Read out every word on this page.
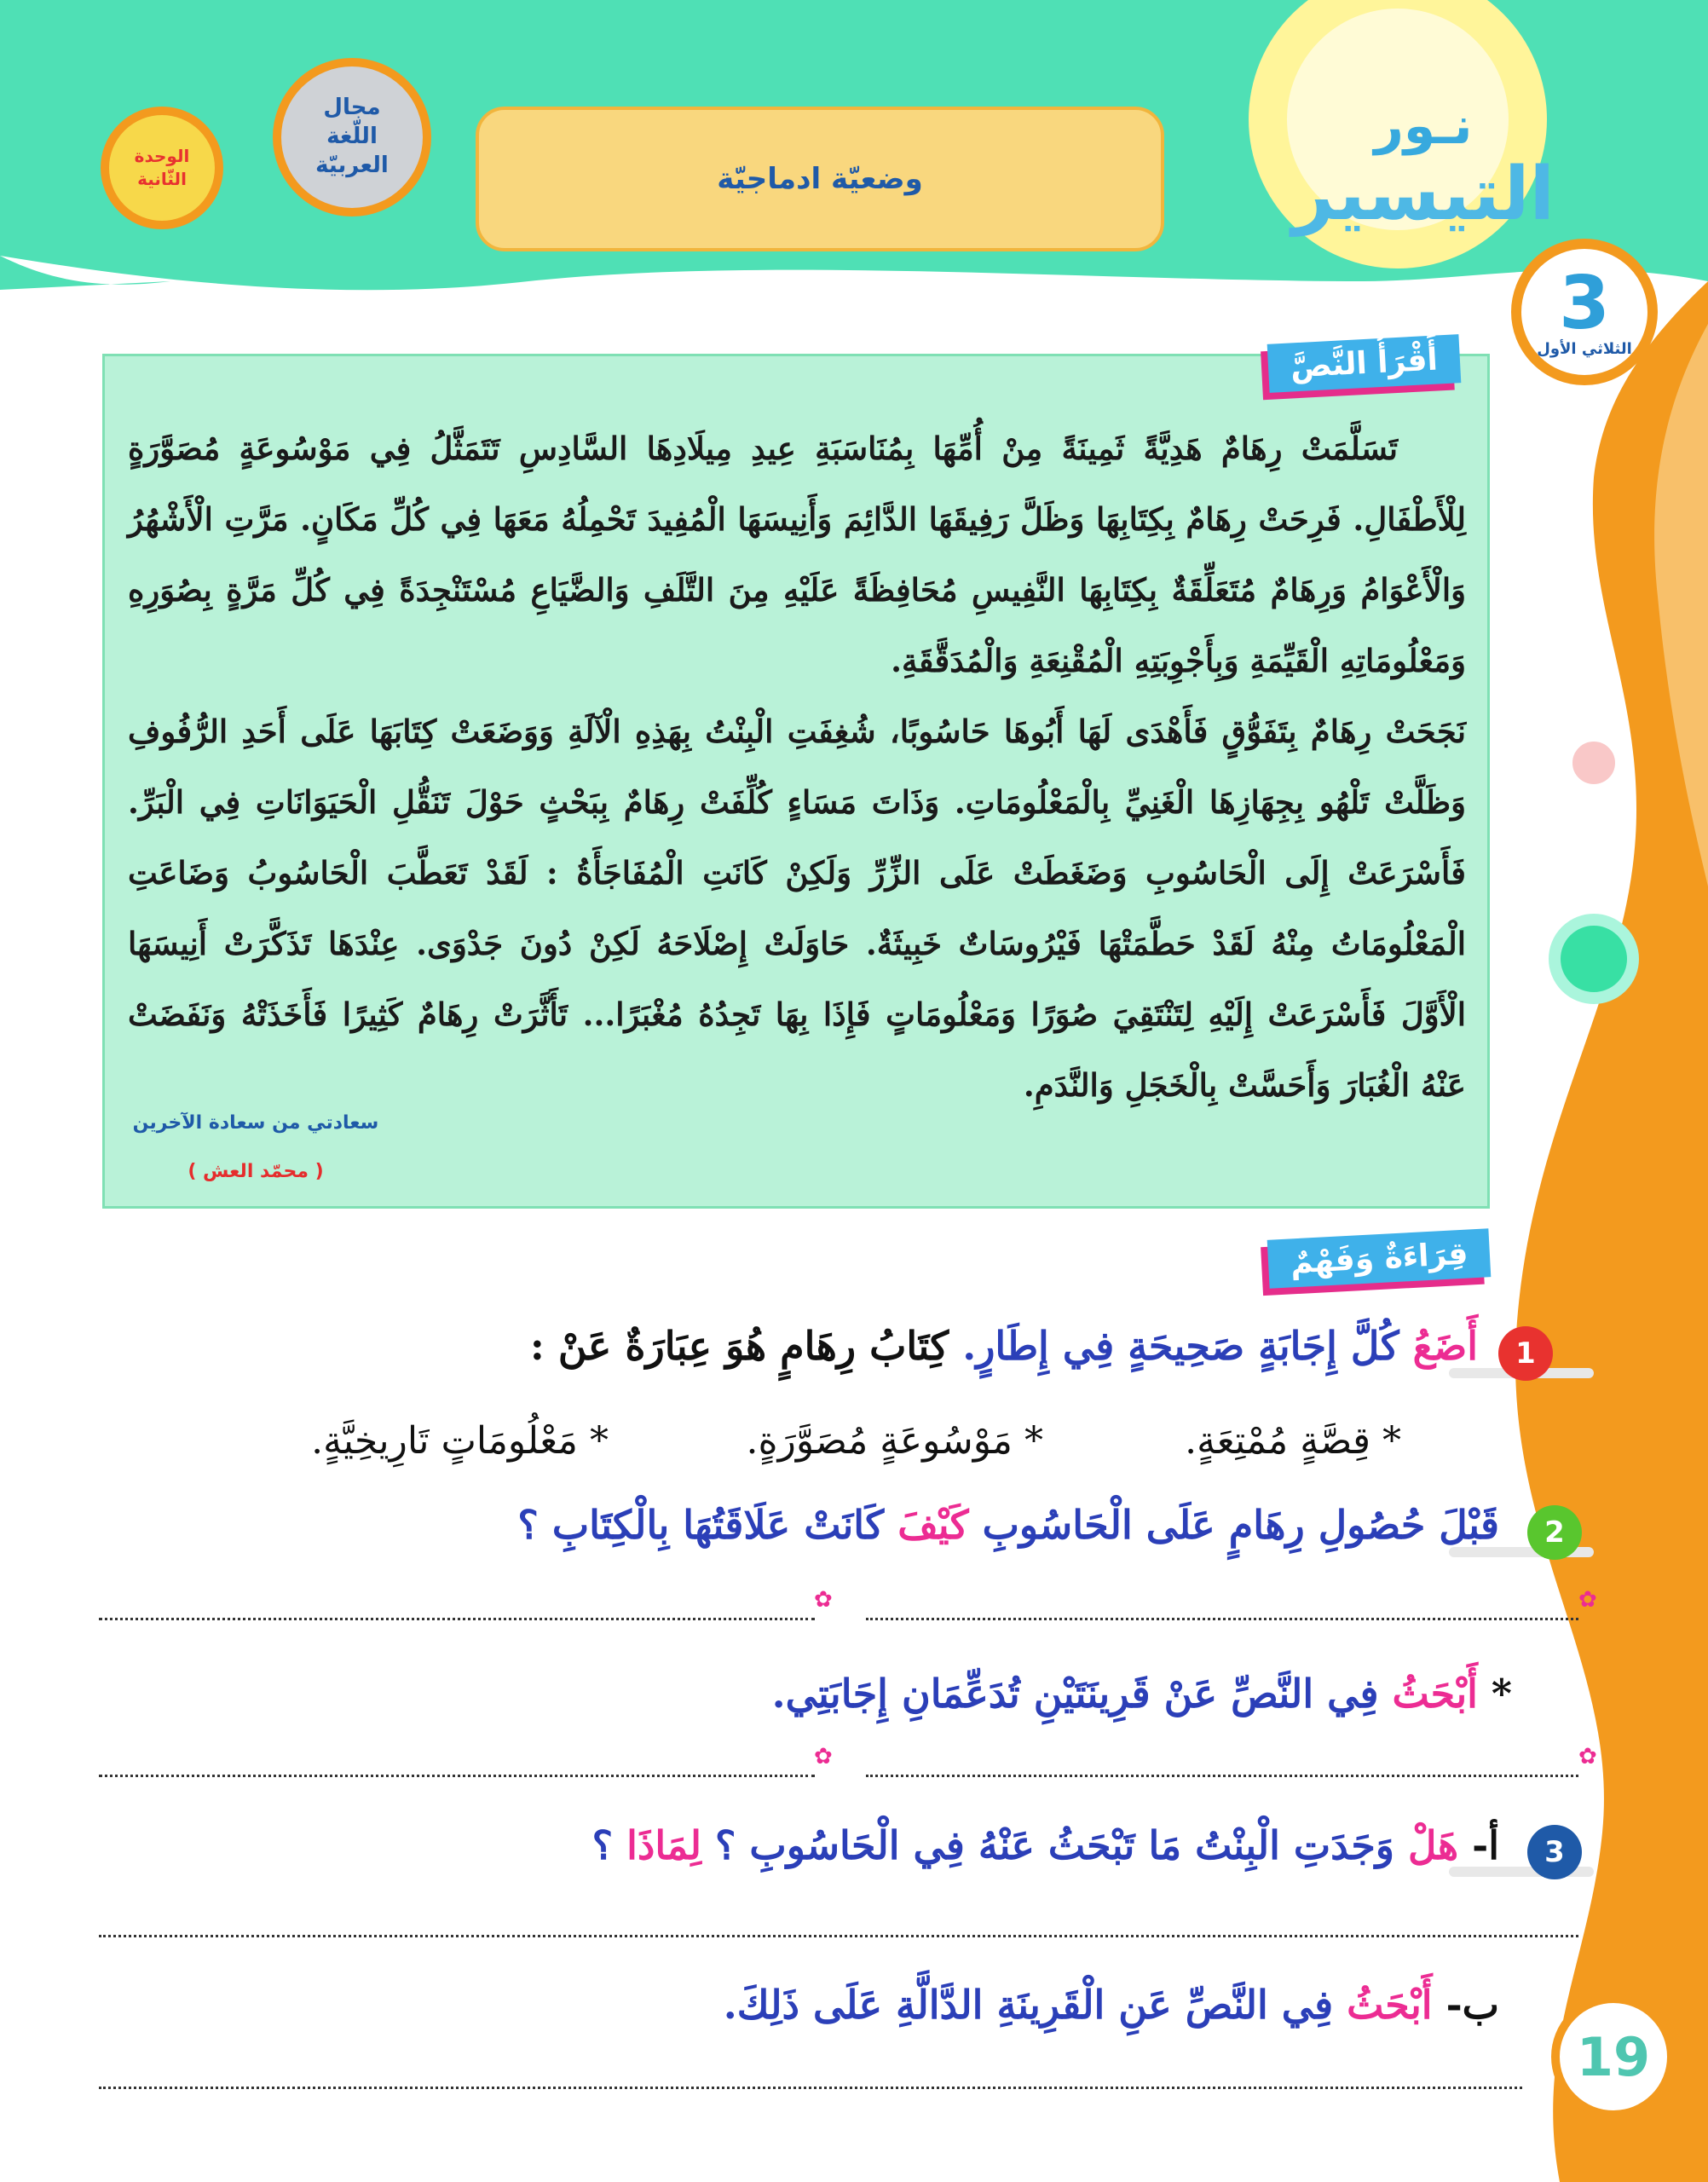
وضعيّة ادماجيّة
مجال
اللّغة
العربيّة
الوحدة
الثّانية
نـور
التيسير
3
الثلاثي الأول
أَقْرَأُ النَّصَّ

تَسَلَّمَتْ رِهَامٌ هَدِيَّةً ثَمِينَةً مِنْ أُمِّهَا بِمُنَاسَبَةِ عِيدِ مِيلَادِهَا السَّادِسِ تَتَمَثَّلُ فِي مَوْسُوعَةٍ مُصَوَّرَةٍ لِلْأَطْفَالِ. فَرِحَتْ رِهَامٌ بِكِتَابِهَا وَظَلَّ رَفِيقَهَا الدَّائِمَ وَأَنِيسَهَا الْمُفِيدَ تَحْمِلُهُ مَعَهَا فِي كُلِّ مَكَانٍ. مَرَّتِ الْأَشْهُرُ وَالْأَعْوَامُ وَرِهَامٌ مُتَعَلِّقَةٌ بِكِتَابِهَا النَّفِيسِ مُحَافِظَةً عَلَيْهِ مِنَ التَّلَفِ وَالضَّيَاعِ مُسْتَنْجِدَةً فِي كُلِّ مَرَّةٍ بِصُوَرِهِ وَمَعْلُومَاتِهِ الْقَيِّمَةِ وَبِأَجْوِبَتِهِ الْمُقْنِعَةِ وَالْمُدَقَّقَةِ.

نَجَحَتْ رِهَامٌ بِتَفَوُّقٍ فَأَهْدَى لَهَا أَبُوهَا حَاسُوبًا، شُغِفَتِ الْبِنْتُ بِهَذِهِ الْآلَةِ وَوَضَعَتْ كِتَابَهَا عَلَى أَحَدِ الرُّفُوفِ وَظَلَّتْ تَلْهُو بِجِهَازِهَا الْغَنِيِّ بِالْمَعْلُومَاتِ. وَذَاتَ مَسَاءٍ كُلِّفَتْ رِهَامٌ بِبَحْثٍ حَوْلَ تَنَقُّلِ الْحَيَوَانَاتِ فِي الْبَرِّ. فَأَسْرَعَتْ إِلَى الْحَاسُوبِ وَضَغَطَتْ عَلَى الزِّرِّ وَلَكِنْ كَانَتِ الْمُفَاجَأَةُ : لَقَدْ تَعَطَّبَ الْحَاسُوبُ وَضَاعَتِ الْمَعْلُومَاتُ مِنْهُ لَقَدْ حَطَّمَتْهَا فَيْرُوسَاتٌ خَبِيثَةٌ. حَاوَلَتْ إِصْلَاحَهُ لَكِنْ دُونَ جَدْوَى. عِنْدَهَا تَذَكَّرَتْ أَنِيسَهَا الْأَوَّلَ فَأَسْرَعَتْ إِلَيْهِ لِتَنْتَقِيَ صُوَرًا وَمَعْلُومَاتٍ فَإِذَا بِهَا تَجِدُهُ مُغْبَرًا... تَأَثَّرَتْ رِهَامٌ كَثِيرًا فَأَخَذَتْهُ وَنَفَضَتْ عَنْهُ الْغُبَارَ وَأَحَسَّتْ بِالْخَجَلِ وَالنَّدَمِ.

سعادتي من سعادة الآخرين
( محمّد العش )
قِرَاءَةٌ وَفَهْمٌ
1
أَضَعُ كُلَّ إِجَابَةٍ صَحِيحَةٍ فِي إِطَارٍ. كِتَابُ رِهَامٍ هُوَ عِبَارَةٌ عَنْ :
* قِصَّةٍ مُمْتِعَةٍ.
* مَوْسُوعَةٍ مُصَوَّرَةٍ.
* مَعْلُومَاتٍ تَارِيخِيَّةٍ.
2
قَبْلَ حُصُولِ رِهَامٍ عَلَى الْحَاسُوبِ كَيْفَ كَانَتْ عَلَاقَتُهَا بِالْكِتَابِ ؟
✿	✿
* أَبْحَثُ فِي النَّصِّ عَنْ قَرِينَتَيْنِ تُدَعِّمَانِ إِجَابَتِي.
✿	✿
3
أ- هَلْ وَجَدَتِ الْبِنْتُ مَا تَبْحَثُ عَنْهُ فِي الْحَاسُوبِ ؟ لِمَاذَا ؟
ب- أَبْحَثُ فِي النَّصِّ عَنِ الْقَرِينَةِ الدَّالَّةِ عَلَى ذَلِكَ.
19
